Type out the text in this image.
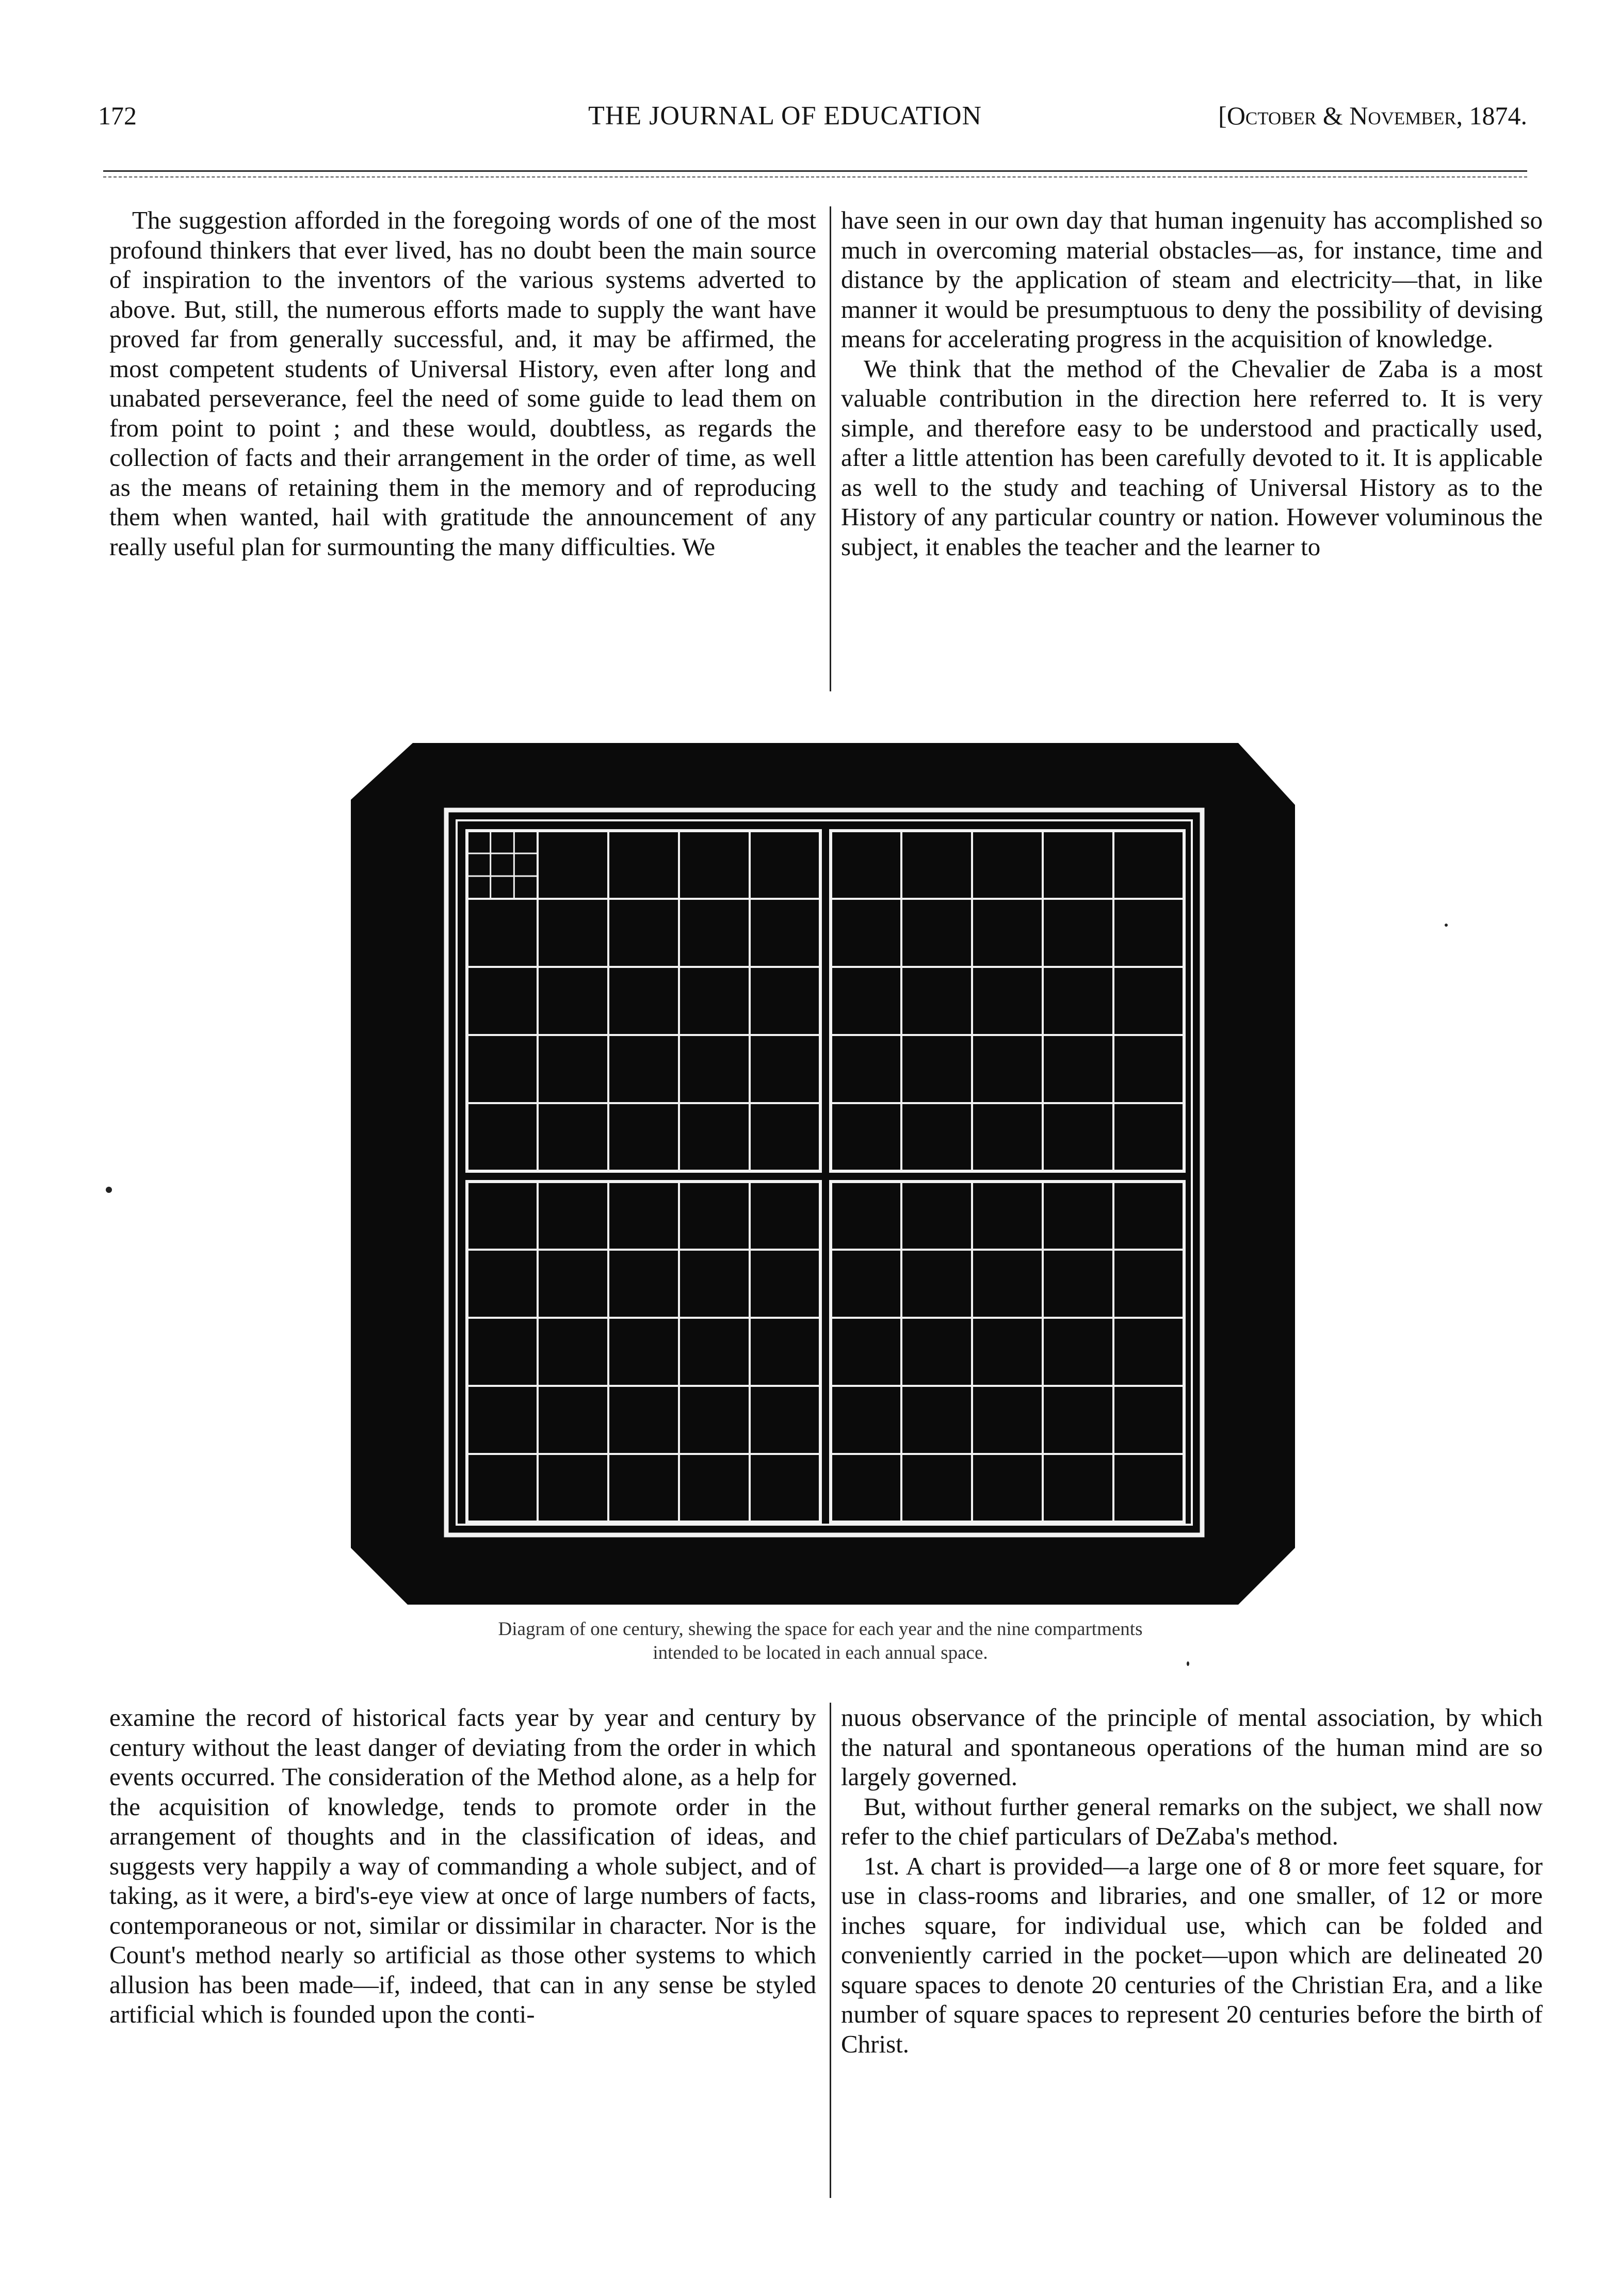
172	THE JOURNAL OF EDUCATION	[October & November, 1874.

The suggestion afforded in the foregoing words of one of the most profound thinkers that ever lived, has no doubt been the main source of inspiration to the inventors of the various systems adverted to above. But, still, the numerous efforts made to supply the want have proved far from generally successful, and, it may be affirmed, the most competent students of Universal History, even after long and unabated perseverance, feel the need of some guide to lead them on from point to point ; and these would, doubtless, as regards the collection of facts and their arrangement in the order of time, as well as the means of retaining them in the memory and of reproducing them when wanted, hail with gratitude the announcement of any really useful plan for surmounting the many difficulties. We

have seen in our own day that human ingenuity has accomplished so much in overcoming material obstacles—as, for instance, time and distance by the application of steam and electricity—that, in like manner it would be presumptuous to deny the possibility of devising means for accelerating progress in the acquisition of knowledge.

We think that the method of the Chevalier de Zaba is a most valuable contribution in the direction here referred to. It is very simple, and therefore easy to be understood and practically used, after a little attention has been carefully devoted to it. It is applicable as well to the study and teaching of Universal History as to the History of any particular country or nation. However voluminous the subject, it enables the teacher and the learner to

Diagram of one century, shewing the space for each year and the nine compartments
intended to be located in each annual space.

examine the record of historical facts year by year and century by century without the least danger of deviating from the order in which events occurred. The consideration of the Method alone, as a help for the acquisition of knowledge, tends to promote order in the arrangement of thoughts and in the classification of ideas, and suggests very happily a way of commanding a whole subject, and of taking, as it were, a bird's-eye view at once of large numbers of facts, contemporaneous or not, similar or dissimilar in character. Nor is the Count's method nearly so artificial as those other systems to which allusion has been made—if, indeed, that can in any sense be styled artificial which is founded upon the conti-

nuous observance of the principle of mental association, by which the natural and spontaneous operations of the human mind are so largely governed.

But, without further general remarks on the subject, we shall now refer to the chief particulars of DeZaba's method.

1st. A chart is provided—a large one of 8 or more feet square, for use in class-rooms and libraries, and one smaller, of 12 or more inches square, for individual use, which can be folded and conveniently carried in the pocket—upon which are delineated 20 square spaces to denote 20 centuries of the Christian Era, and a like number of square spaces to represent 20 centuries before the birth of Christ.
